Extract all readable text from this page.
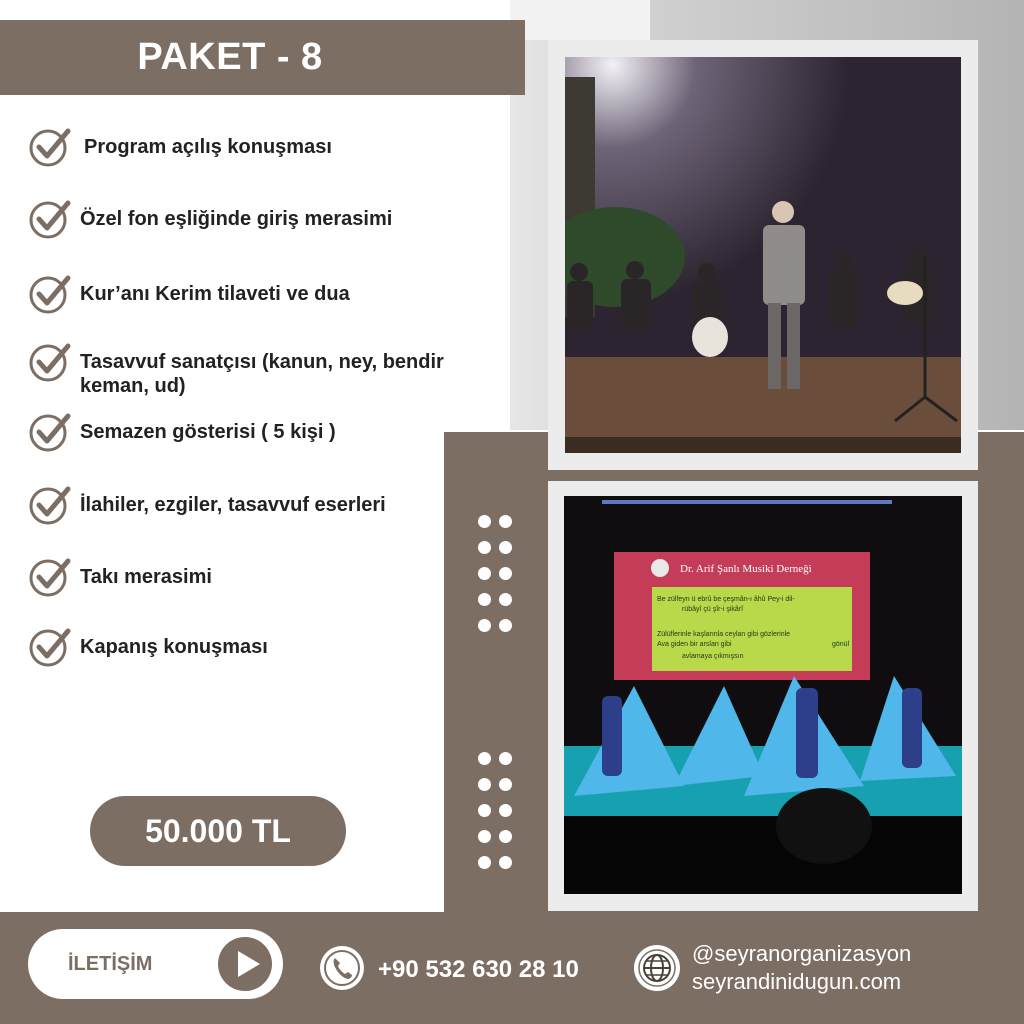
PAKET - 8
Program açılış konuşması
Özel fon eşliğinde giriş merasimi
Kur’anı Kerim tilaveti ve dua
Tasavvuf sanatçısı (kanun, ney, bendir
keman, ud)
Semazen gösterisi ( 5 kişi )
İlahiler, ezgiler, tasavvuf eserleri
Takı merasimi
Kapanış konuşması
50.000 TL
Dr. Arif Şanlı Musiki Derneği
Be zülfeyn ü ebrû be çeşmân-ı âhû Pey-i dil-
rübâyî çü şîr-i şikârî
Zülüflerinle kaşlarınla ceylan gibi gözlerinle
Ava giden bir arslan gibi	gönül
avlamaya çıkmışsın
İLETİŞİM	+90 532 630 28 10
@seyranorganizasyon
seyrandinidugun.com
